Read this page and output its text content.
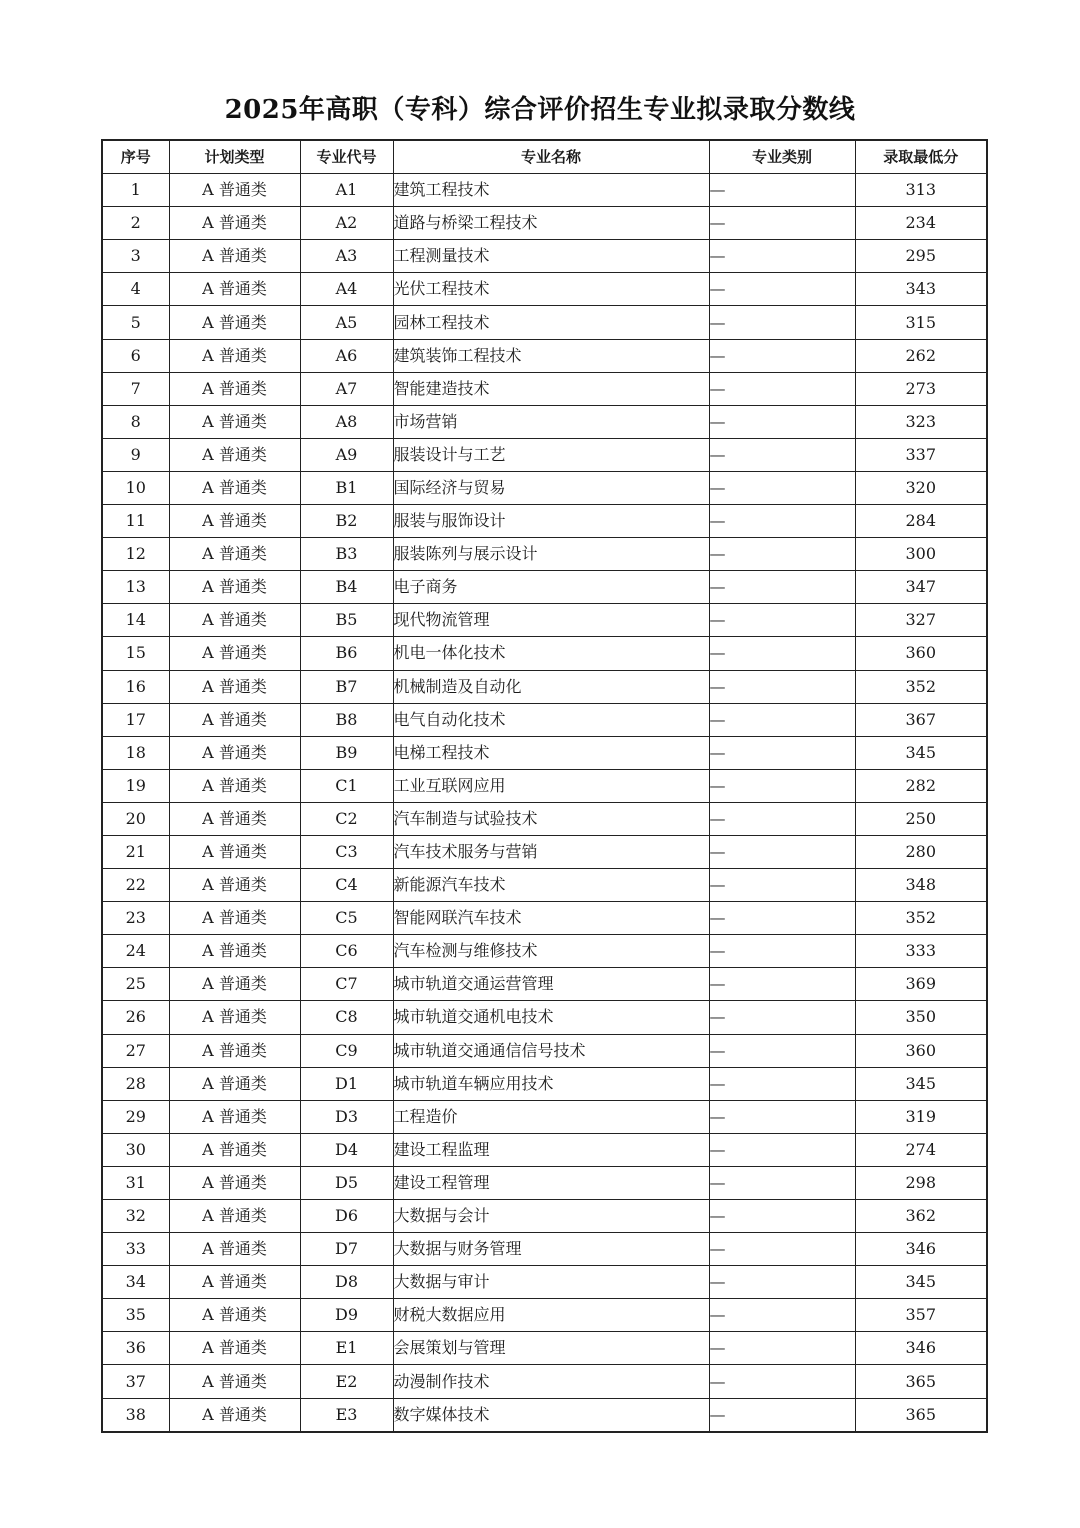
2025年高职（专科）综合评价招生专业拟录取分数线
序号	计划类型	专业代号	专业名称	专业类别	录取最低分
1	A 普通类	A1	建筑工程技术	—	313
2	A 普通类	A2	道路与桥梁工程技术	—	234
3	A 普通类	A3	工程测量技术	—	295
4	A 普通类	A4	光伏工程技术	—	343
5	A 普通类	A5	园林工程技术	—	315
6	A 普通类	A6	建筑装饰工程技术	—	262
7	A 普通类	A7	智能建造技术	—	273
8	A 普通类	A8	市场营销	—	323
9	A 普通类	A9	服装设计与工艺	—	337
10	A 普通类	B1	国际经济与贸易	—	320
11	A 普通类	B2	服装与服饰设计	—	284
12	A 普通类	B3	服装陈列与展示设计	—	300
13	A 普通类	B4	电子商务	—	347
14	A 普通类	B5	现代物流管理	—	327
15	A 普通类	B6	机电一体化技术	—	360
16	A 普通类	B7	机械制造及自动化	—	352
17	A 普通类	B8	电气自动化技术	—	367
18	A 普通类	B9	电梯工程技术	—	345
19	A 普通类	C1	工业互联网应用	—	282
20	A 普通类	C2	汽车制造与试验技术	—	250
21	A 普通类	C3	汽车技术服务与营销	—	280
22	A 普通类	C4	新能源汽车技术	—	348
23	A 普通类	C5	智能网联汽车技术	—	352
24	A 普通类	C6	汽车检测与维修技术	—	333
25	A 普通类	C7	城市轨道交通运营管理	—	369
26	A 普通类	C8	城市轨道交通机电技术	—	350
27	A 普通类	C9	城市轨道交通通信信号技术	—	360
28	A 普通类	D1	城市轨道车辆应用技术	—	345
29	A 普通类	D3	工程造价	—	319
30	A 普通类	D4	建设工程监理	—	274
31	A 普通类	D5	建设工程管理	—	298
32	A 普通类	D6	大数据与会计	—	362
33	A 普通类	D7	大数据与财务管理	—	346
34	A 普通类	D8	大数据与审计	—	345
35	A 普通类	D9	财税大数据应用	—	357
36	A 普通类	E1	会展策划与管理	—	346
37	A 普通类	E2	动漫制作技术	—	365
38	A 普通类	E3	数字媒体技术	—	365
